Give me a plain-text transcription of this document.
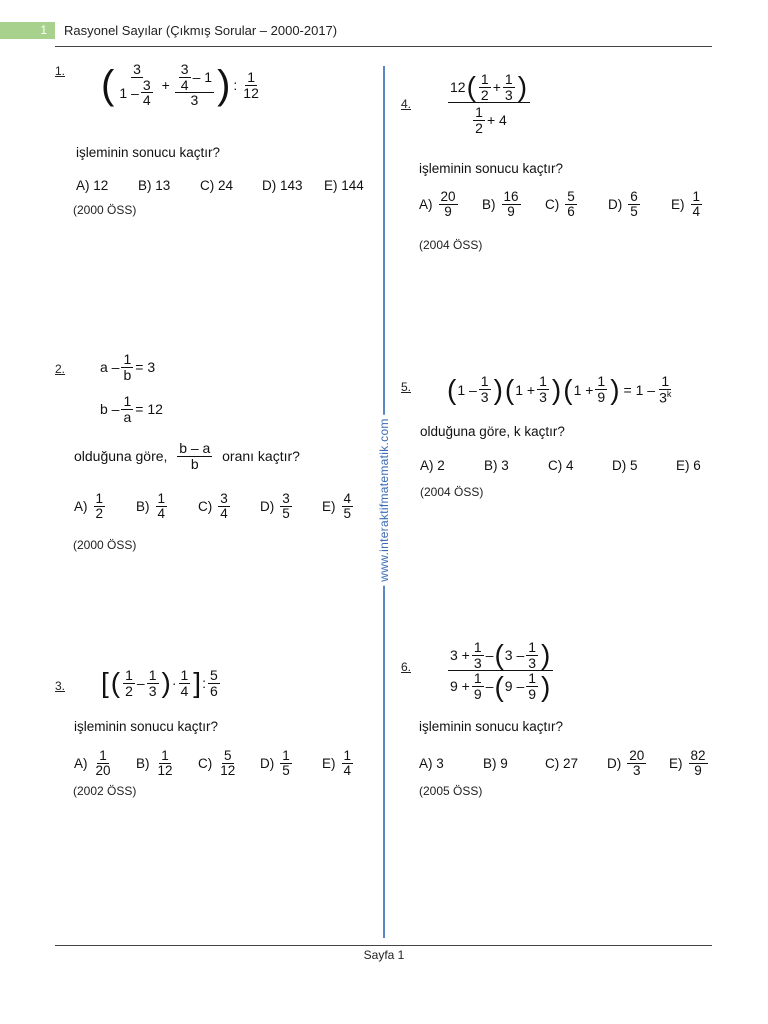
1	Rasyonel Sayılar (Çıkmış Sorular – 2000-2017)
www.interaktifmatematik.com
1. ( 3
1
– $\frac{3}{4} + \frac{3}{4}$ –
1
3 ) : $\frac{1}{12}$
işleminin sonucu kaçtır?
A) 12	B) 13	C) 24	D) 143	E) 144
(2000 ÖSS)
2. $a - \frac{1}{b} = 3$
$b - \frac{1}{a} = 12$
olduğuna göre,
$\frac{b - a}{b}$
oranı kaçtır?
$A) \frac{1}{2} B) \frac{1}{4} C) \frac{3}{4} D) \frac{3}{5} E) \frac{4}{5}$
(2000 ÖSS)
3. [ ( $\frac{1}{2} - \frac{1}{3}$ ) · $\frac{1}{4}$ ] : $\frac{5}{6}$
işleminin sonucu kaçtır?
$A) \frac{1}{20} B) \frac{1}{12} C) \frac{5}{12} D) \frac{1}{5} E) \frac{1}{4}$
(2002 ÖSS)
4.	$\frac{12 ( \frac{1}{2} + \frac{1}{3} )}{\frac{1}{2} + 4}$
işleminin sonucu kaçtır?
$A) \frac{20}{9} B) \frac{16}{9} C) \frac{5}{6} D) \frac{6}{5} E) \frac{1}{4}$
(2004 ÖSS)
5. ( $1 - \frac{1}{3}$ ) ( $1 + \frac{1}{3}$ ) ( $1 + \frac{1}{9}$ ) = $1 - \frac{1}{3^k}$
olduğuna göre, k kaçtır?
A) 2	B) 3	C) 4	D) 5	E) 6
(2004 ÖSS)
6.	$\frac{3 + \frac{1}{3} - ( 3 - \frac{1}{3} )}{9 + \frac{1}{9} - ( 9 - \frac{1}{9} )}$
işleminin sonucu kaçtır?
A) 3	B) 9	C) 27 $D) \frac{20}{3} E) \frac{82}{9}$
(2005 ÖSS)
Sayfa 1
